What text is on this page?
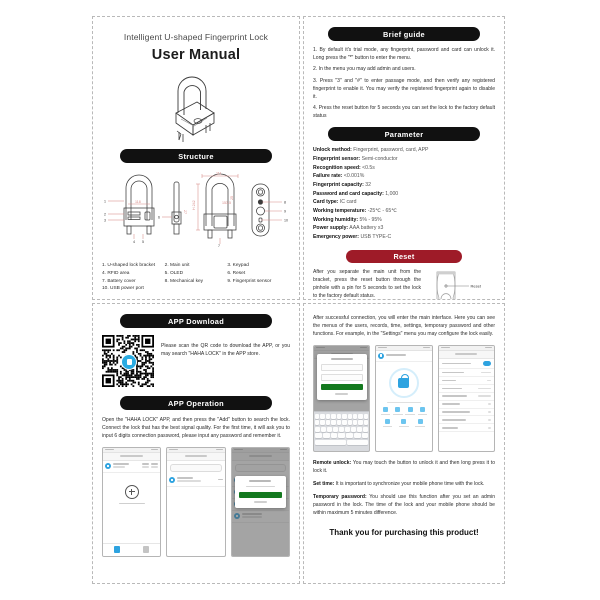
Intelligent U-shaped Fingerprint Lock
User Manual
Structure
1
2
3
4 5
118
6
27
111
H 242	153.5
25
7
8
9
10
1. U-shaped lock bracket	2. Main unit	3. Keypad
4. RFID area	5. OLED	6. Reset
7. Battery cover	8. Mechanical key	9. Fingerprint sensor
10. USB power port
Brief guide

1. By default it's trial mode, any fingerprint, password and card can unlock it. Long press the "*" button to enter the menu.

2. In the menu you may add admin and users.

3. Press "3" and "#" to enter passage mode, and then verify any registered fingerprint to enable it. You may verify the registered fingerprint again to disable it.

4. Press the reset button for 5 seconds you can set the lock to the factory default status

Parameter
Unlock method: Fingerprint, password, card, APP
Fingerprint sensor: Semi-conductor
Recognition speed: <0.5s
Failure rate: <0.001%
Fingerprint capacity: 32
Password and card capacity: 1,000
Card type: IC card
Working temperature: -25℃ - 65℃
Working humidity: 5% - 95%
Power supply: AAA battery x3
Emergency power: USB TYPE-C
Reset

After you separate the main unit from the bracket, press the reset button through the pinhole with a pin for 5 seconds to set the lock to the factory default status.

Reset
APP Download

Please scan the QR code to download the APP, or you may search "HAHA LOCK" in the APP store.

APP Operation

Open the "HAHA LOCK" APP, and then press the "Add" button to search the lock. Connect the lock that has the best signal quality. For the first time, it will ask you to input 6 digits connection password, please input any password and remember it.

After successful connection, you will enter the main interface. Here you can see the menus of the users, records, time, settings, temporary password and other functions. For example, in the "Settings" menu you may configure the lock easily.

Remote unlock: You may touch the button to unlock it and then long press it to lock it.

Set time: It is important to synchronize your mobile phone time with the lock.

Temporary password: You should use this function after you set an admin password in the lock. The time of the lock and your mobile phone should be within maximum 5 minutes difference.

Thank you for purchasing this product!
